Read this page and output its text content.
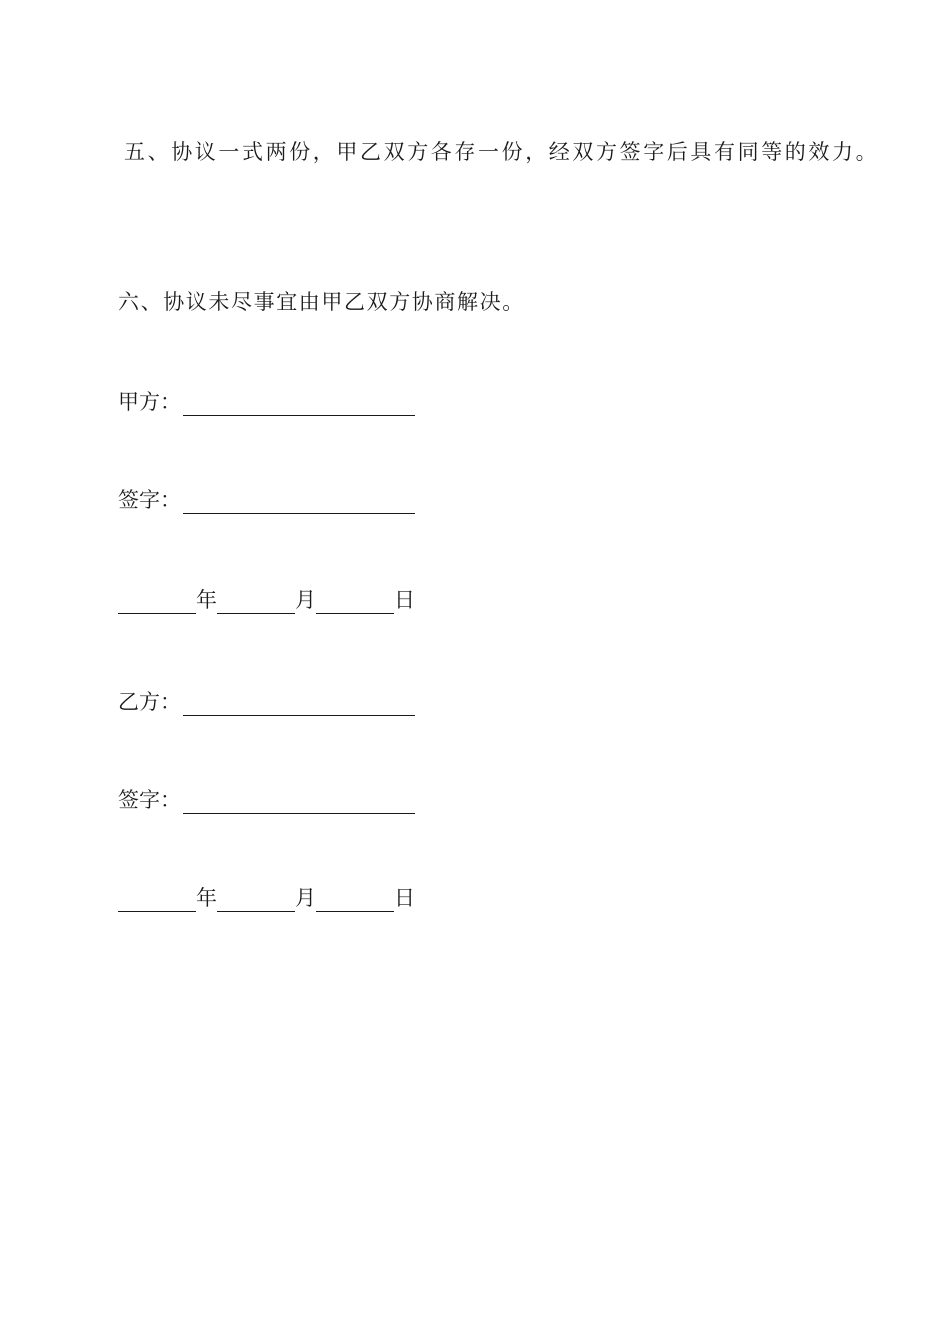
五、协议一式两份，甲乙双方各存一份，经双方签字后具有同等的效力。
六、协议未尽事宜由甲乙双方协商解决。
甲方：
签字：
年	月	日
乙方：
签字：
年	月	日
